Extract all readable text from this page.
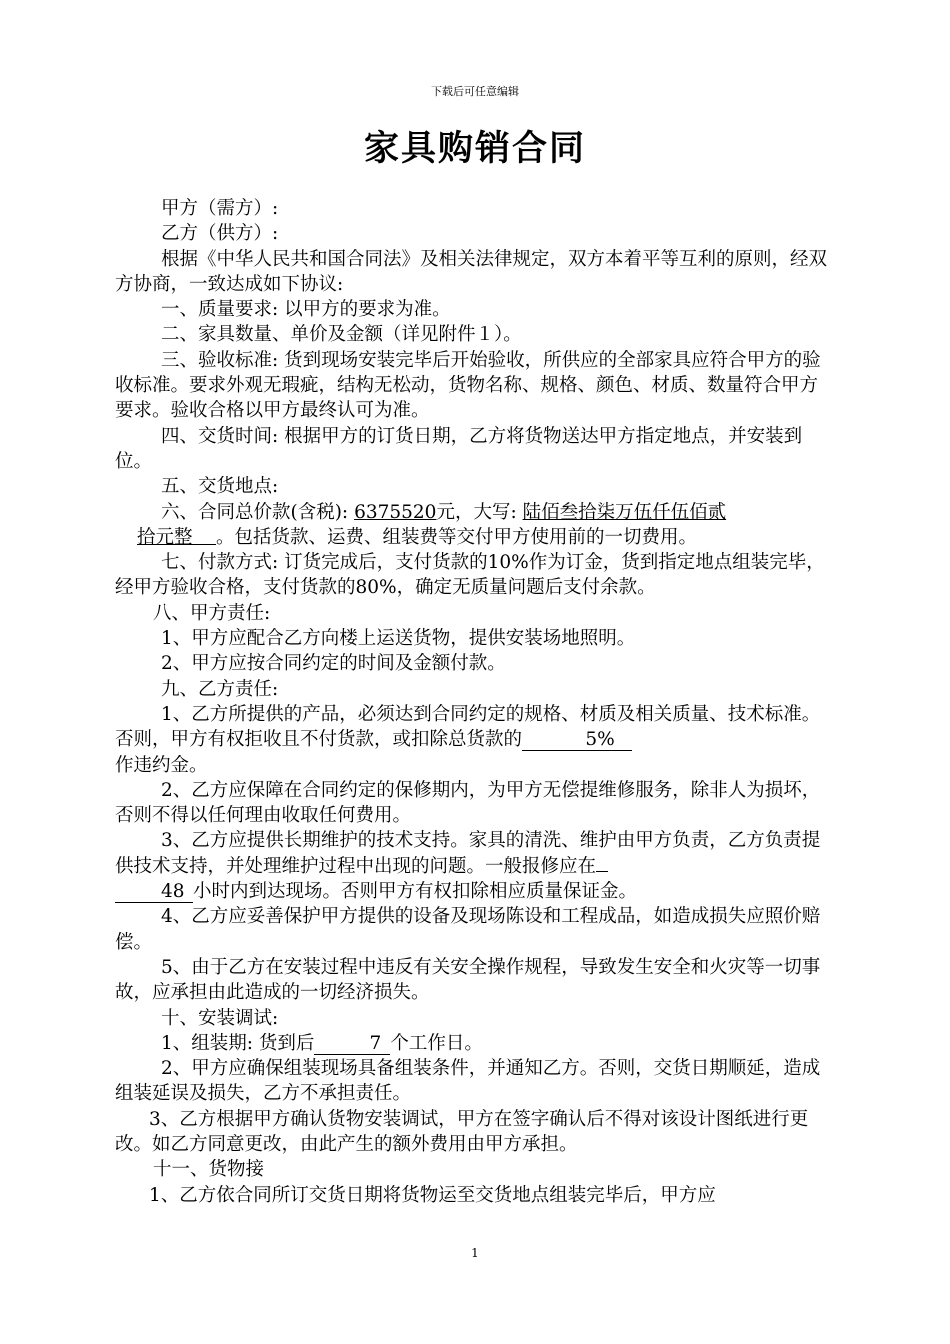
下载后可任意编辑
家具购销合同

甲方（需方）:

乙方（供方）:

根据《中华人民共和国合同法》及相关法律规定，双方本着平等互利的原则，经双方协商，一致达成如下协议:

一、质量要求: 以甲方的要求为准。

二、家具数量、单价及金额（详见附件１）。

三、验收标准: 货到现场安装完毕后开始验收，所供应的全部家具应符合甲方的验收标准。要求外观无瑕疵，结构无松动，货物名称、规格、颜色、材质、数量符合甲方要求。验收合格以甲方最终认可为准。

四、交货时间: 根据甲方的订货日期，乙方将货物送达甲方指定地点，并安装到位。

五、交货地点:

六、合同总价款(含税): 6375520元，大写: 陆佰叁拾柒万伍仟伍佰贰
拾元整 。包括货款、运费、组装费等交付甲方使用前的一切费用。

七、付款方式: 订货完成后，支付货款的10%作为订金，货到指定地点组装完毕，经甲方验收合格，支付货款的80%，确定无质量问题后支付余款。

八、甲方责任:

1、甲方应配合乙方向楼上运送货物，提供安装场地照明。

2、甲方应按合同约定的时间及金额付款。

九、乙方责任:

1、乙方所提供的产品，必须达到合同约定的规格、材质及相关质量、技术标准。否则，甲方有权拒收且不付货款，或扣除总货款的	5%
作违约金。

2、乙方应保障在合同约定的保修期内，为甲方无偿提维修服务，除非人为损坏，否则不得以任何理由收取任何费用。

3、乙方应提供长期维护的技术支持。家具的清洗、维护由甲方负责，乙方负责提供技术支持，并处理维护过程中出现的问题。一般报修应在
48 小时内到达现场。否则甲方有权扣除相应质量保证金。

4、乙方应妥善保护甲方提供的设备及现场陈设和工程成品，如造成损失应照价赔偿。

5、由于乙方在安装过程中违反有关安全操作规程，导致发生安全和火灾等一切事故，应承担由此造成的一切经济损失。

十、安装调试:

1、组装期: 货到后	7 个工作日。

2、甲方应确保组装现场具备组装条件，并通知乙方。否则，交货日期顺延，造成组装延误及损失，乙方不承担责任。

3、乙方根据甲方确认货物安装调试，甲方在签字确认后不得对该设计图纸进行更改。如乙方同意更改，由此产生的额外费用由甲方承担。

十一、货物接

1、乙方依合同所订交货日期将货物运至交货地点组装完毕后，甲方应

1
